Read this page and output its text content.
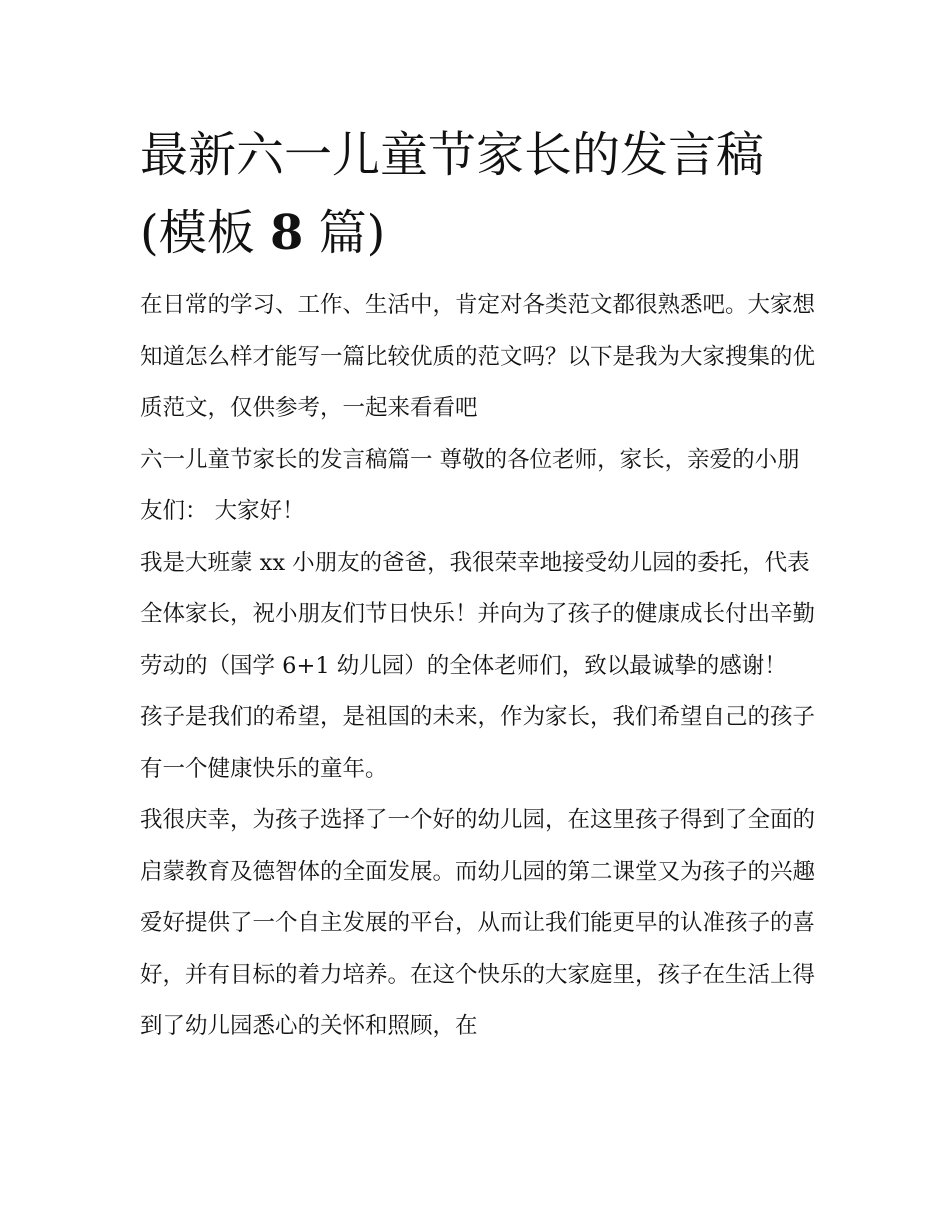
最新六一儿童节家长的发言稿
(模板 8 篇)

在日常的学习、工作、生活中，肯定对各类范文都很熟悉吧。大家想知道怎么样才能写一篇比较优质的范文吗？以下是我为大家搜集的优质范文，仅供参考，一起来看看吧

六一儿童节家长的发言稿篇一 尊敬的各位老师，家长，亲爱的小朋友们： 大家好！

我是大班蒙 xx 小朋友的爸爸，我很荣幸地接受幼儿园的委托，代表全体家长，祝小朋友们节日快乐！并向为了孩子的健康成长付出辛勤劳动的（国学 6+1 幼儿园）的全体老师们，致以最诚挚的感谢！

孩子是我们的希望，是祖国的未来，作为家长，我们希望自己的孩子有一个健康快乐的童年。

我很庆幸，为孩子选择了一个好的幼儿园，在这里孩子得到了全面的启蒙教育及德智体的全面发展。而幼儿园的第二课堂又为孩子的兴趣爱好提供了一个自主发展的平台，从而让我们能更早的认准孩子的喜好，并有目标的着力培养。在这个快乐的大家庭里，孩子在生活上得到了幼儿园悉心的关怀和照顾，在
